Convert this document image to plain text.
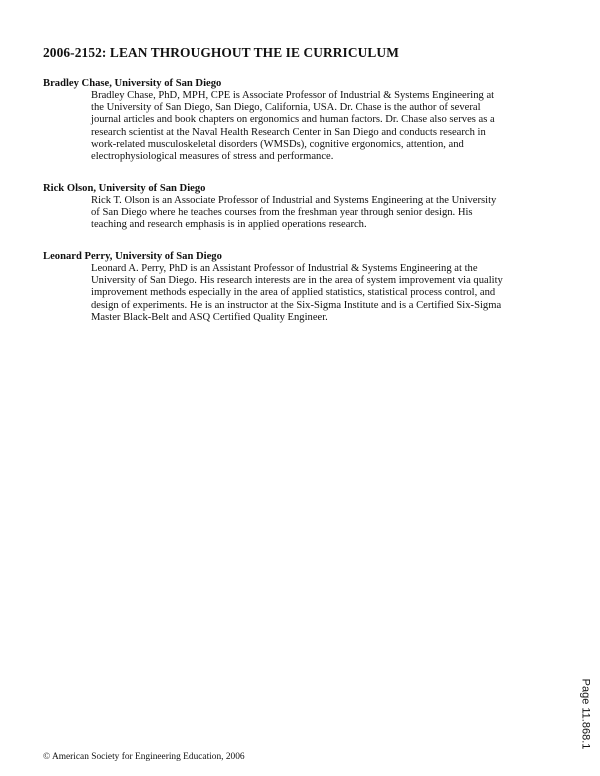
2006-2152: LEAN THROUGHOUT THE IE CURRICULUM

Bradley Chase, University of San Diego

Bradley Chase, PhD, MPH, CPE is Associate Professor of Industrial & Systems Engineering at
the University of San Diego, San Diego, California, USA. Dr. Chase is the author of several
journal articles and book chapters on ergonomics and human factors. Dr. Chase also serves as a
research scientist at the Naval Health Research Center in San Diego and conducts research in
work-related musculoskeletal disorders (WMSDs), cognitive ergonomics, attention, and
electrophysiological measures of stress and performance.

Rick Olson, University of San Diego

Rick T. Olson is an Associate Professor of Industrial and Systems Engineering at the University
of San Diego where he teaches courses from the freshman year through senior design. His
teaching and research emphasis is in applied operations research.

Leonard Perry, University of San Diego

Leonard A. Perry, PhD is an Assistant Professor of Industrial & Systems Engineering at the
University of San Diego. His research interests are in the area of system improvement via quality
improvement methods especially in the area of applied statistics, statistical process control, and
design of experiments. He is an instructor at the Six-Sigma Institute and is a Certified Six-Sigma
Master Black-Belt and ASQ Certified Quality Engineer.

© American Society for Engineering Education, 2006

Page 11.868.1
